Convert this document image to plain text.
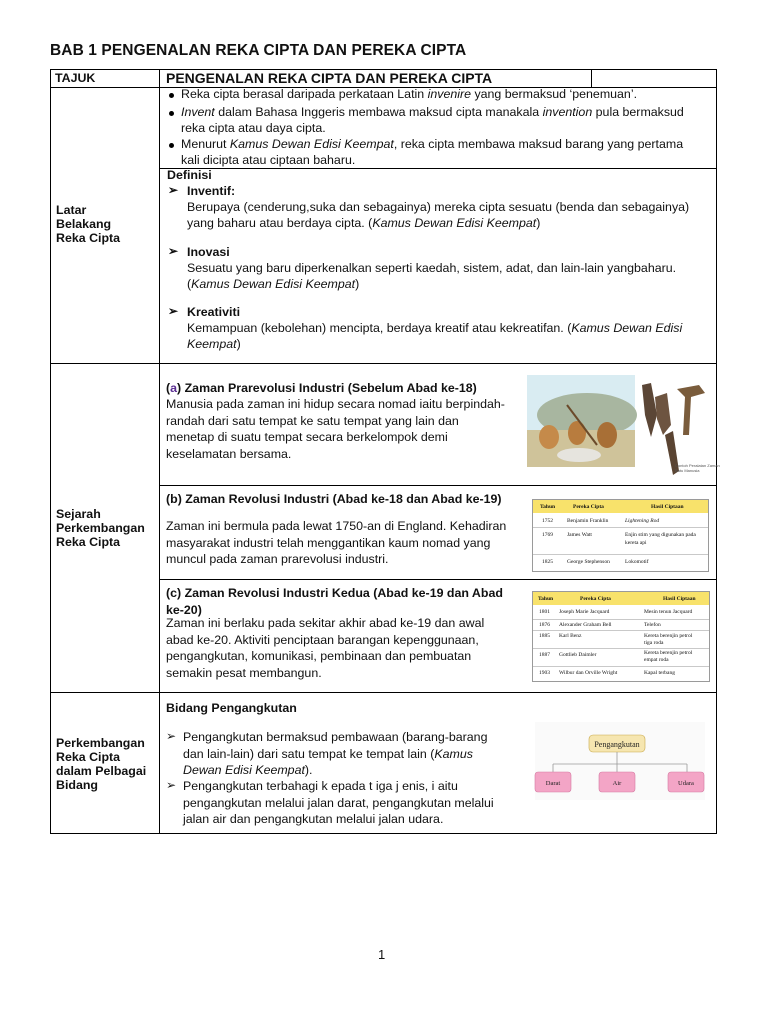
BAB 1 PENGENALAN REKA CIPTA DAN PEREKA CIPTA
TAJUK	PENGENALAN REKA CIPTA DAN PEREKA CIPTA
Latar
Belakang
Reka Cipta
Reka cipta berasal daripada perkataan Latin invenire yang bermaksud ‘penemuan’.
Invent dalam Bahasa Inggeris membawa maksud cipta manakala invention pula bermaksud
reka cipta atau daya cipta.
Menurut Kamus Dewan Edisi Keempat, reka cipta membawa maksud barang yang pertama
kali dicipta atau ciptaan baharu.
Definisi
➢ Inventif:
Berupaya (cenderung,suka dan sebagainya) mereka cipta sesuatu (benda dan sebagainya)
yang baharu atau berdaya cipta. (Kamus Dewan Edisi Keempat)
➢ Inovasi
Sesuatu yang baru diperkenalkan seperti kaedah, sistem, adat, dan lain-lain yangbaharu.
(Kamus Dewan Edisi Keempat)
➢ Kreativiti
Kemampuan (kebolehan) mencipta, berdaya kreatif atau kekreatifan. (Kamus Dewan Edisi
Keempat)
Sejarah
Perkembangan
Reka Cipta
(a) Zaman Prarevolusi Industri (Sebelum Abad ke-18)
Manusia pada zaman ini hidup secara nomad iaitu berpindah-
randah dari satu tempat ke satu tempat yang lain dan
menetap di suatu tempat secara berkelompok demi
keselamatan bersama.
Contoh Peralatan Zaman
Batu Manusia
(b) Zaman Revolusi Industri (Abad ke-18 dan Abad ke-19)
Zaman ini bermula pada lewat 1750-an di England. Kehadiran
masyarakat industri telah menggantikan kaum nomad yang
muncul pada zaman prarevolusi industri.
Tahun	Pereka Cipta	Hasil Ciptaan
1752	Benjamin Franklin	Lightening Rod
1769	James Watt	Enjin stim yang digunakan pada
kereta api
1825	George Stephenson	Lokomotif
(c) Zaman Revolusi Industri Kedua (Abad ke-19 dan Abad
ke-20)
Zaman ini berlaku pada sekitar akhir abad ke-19 dan awal
abad ke-20. Aktiviti penciptaan barangan kepenggunaan,
pengangkutan, komunikasi, pembinaan dan pembuatan
semakin pesat membangun.
Tahun	Pereka Cipta	Hasil Ciptaan
1801 Joseph Marie Jacquard	Mesin tenun Jacquard
1876 Alexander Graham Bell	Telefon
1885 Karl Benz	Kereta berenjin petrol
tiga roda
1887 Gottlieb Daimler	Kereta berenjin petrol
empat roda
1903 Wilbur dan Orville Wright	Kapal terbang
Perkembangan
Reka Cipta
dalam Pelbagai
Bidang
Bidang Pengangkutan
➢ Pengangkutan bermaksud pembawaan (barang-barang
dan lain-lain) dari satu tempat ke tempat lain (Kamus
Dewan Edisi Keempat).
➢ Pengangkutan terbahagi k epada t iga j enis, i aitu
pengangkutan melalui jalan darat, pengangkutan melalui
jalan air dan pengangkutan melalui jalan udara.
Pengangkutan
Darat	Air	Udara
1
